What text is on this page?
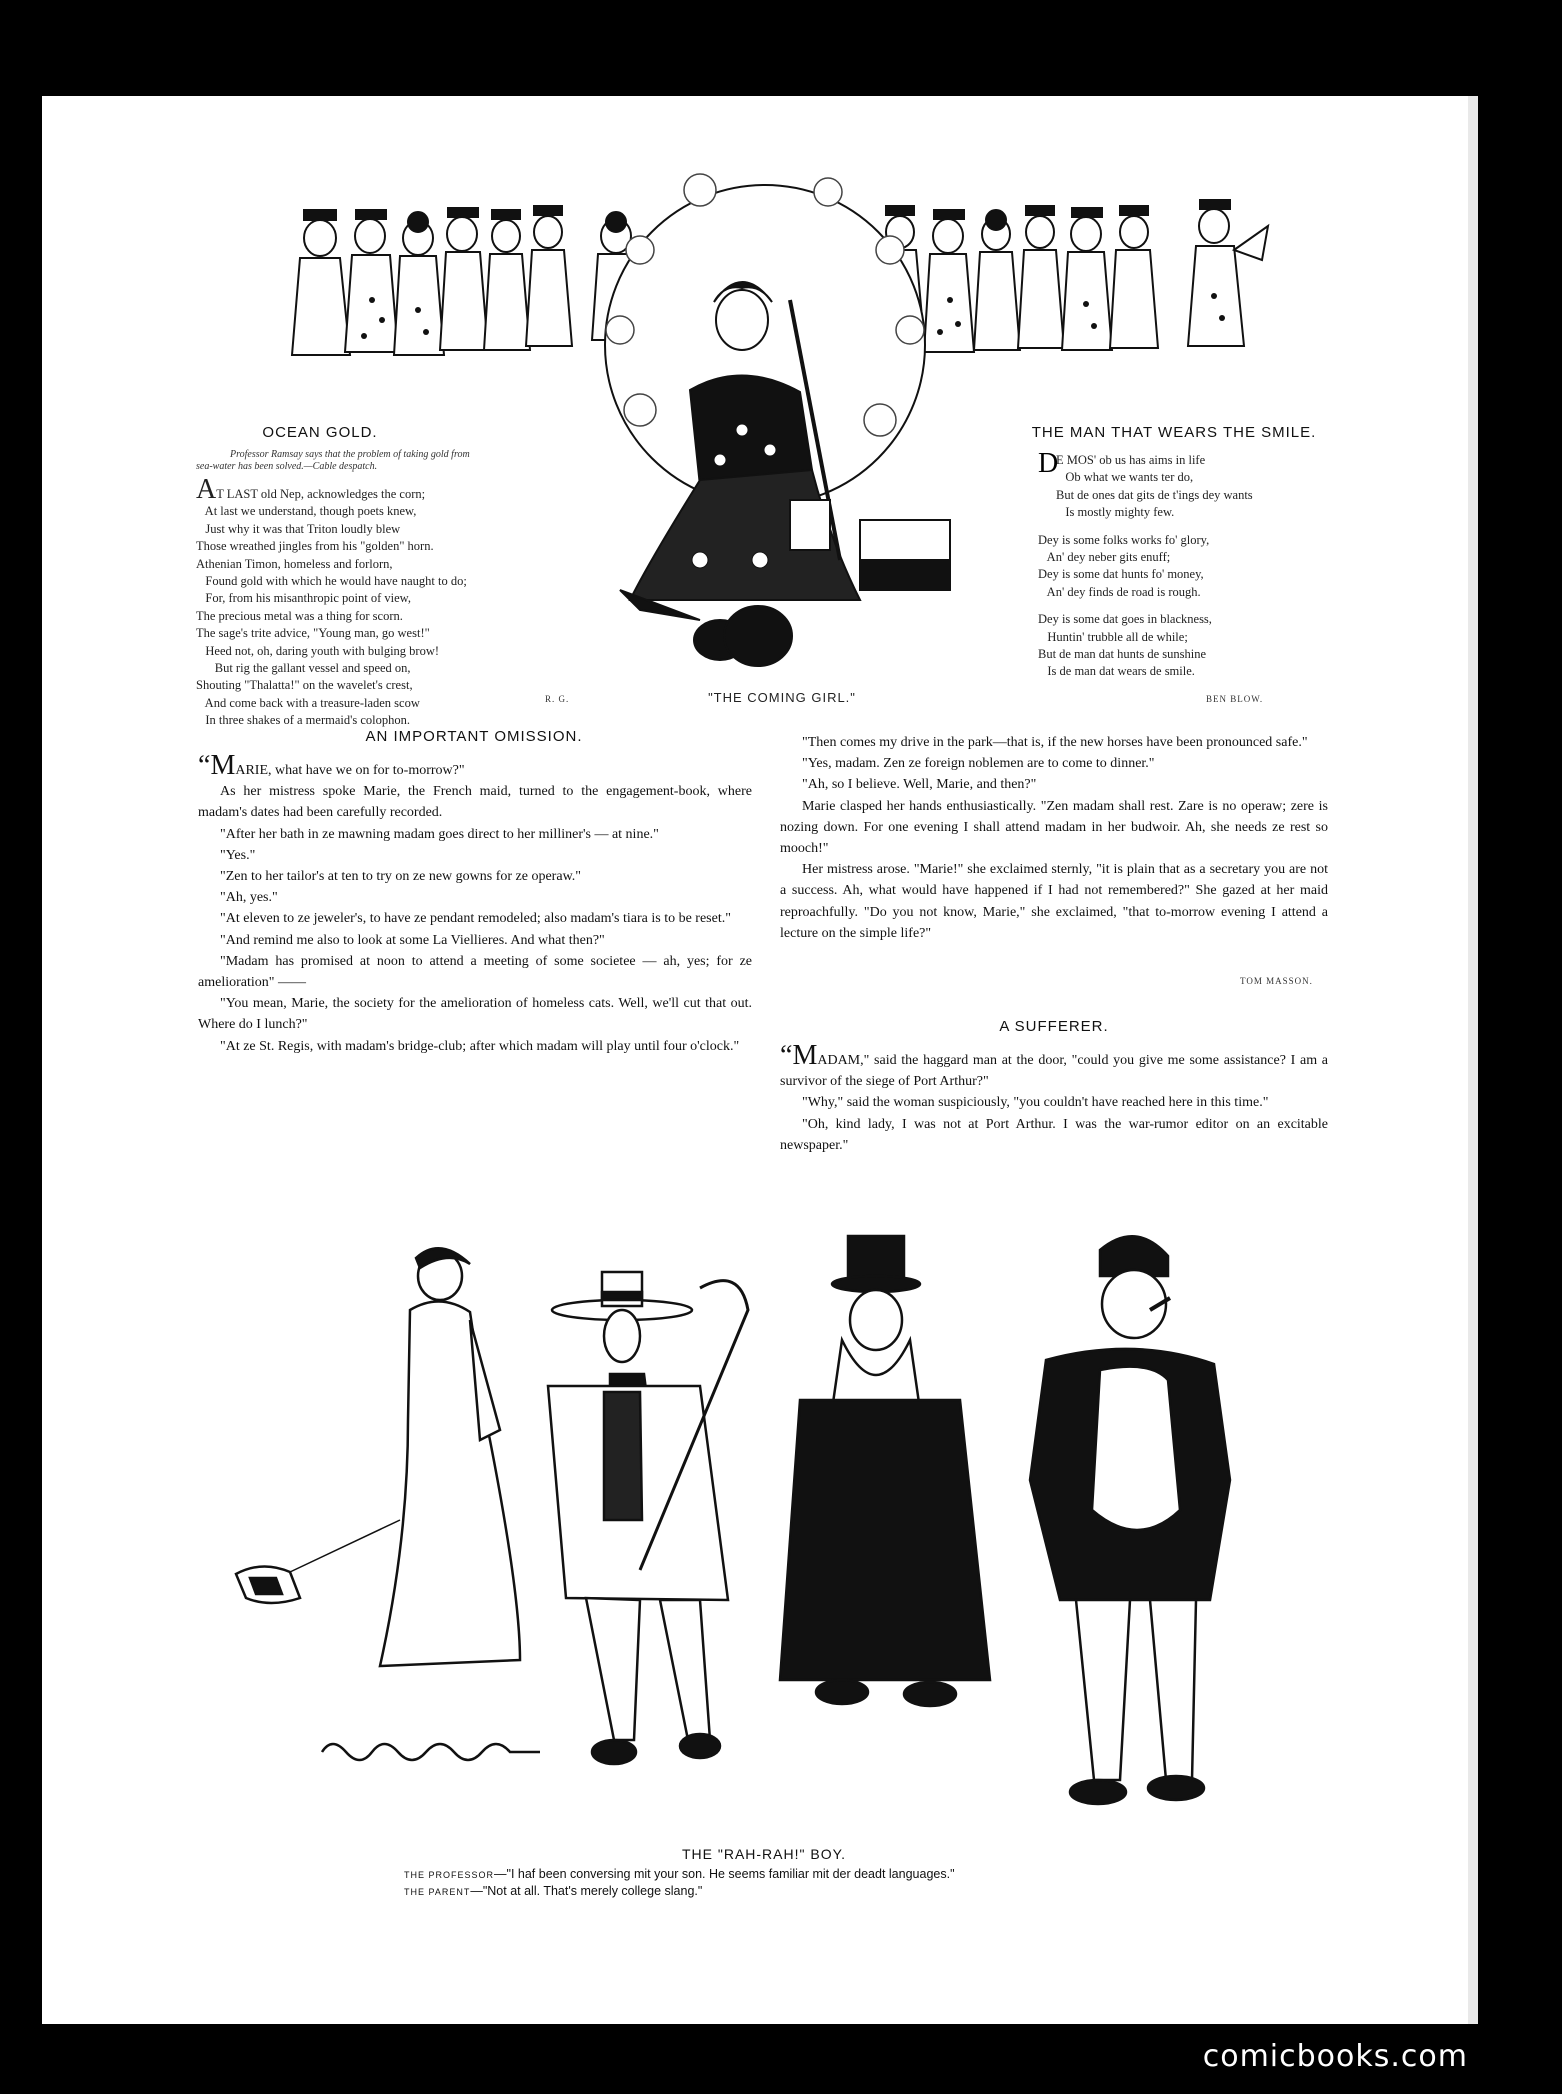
OCEAN GOLD.
Professor Ramsay says that the problem of taking gold from
sea-water has been solved.—Cable despatch.
AT LAST old Nep, acknowledges the corn;
At last we understand, though poets knew,
Just why it was that Triton loudly blew
Those wreathed jingles from his "golden" horn.
Athenian Timon, homeless and forlorn,
Found gold with which he would have naught to do;
For, from his misanthropic point of view,
The precious metal was a thing for scorn.
The sage's trite advice, "Young man, go west!"
Heed not, oh, daring youth with bulging brow!
But rig the gallant vessel and speed on,
Shouting "Thalatta!" on the wavelet's crest,
And come back with a treasure-laden scow
In three shakes of a mermaid's colophon.
R. G.	"THE COMING GIRL."
THE MAN THAT WEARS THE SMILE.
D
E MOS' ob us has aims in life
Ob what we wants ter do,
But de ones dat gits de t'ings dey wants
Is mostly mighty few.
Dey is some folks works fo' glory,
An' dey neber gits enuff;
Dey is some dat hunts fo' money,
An' dey finds de road is rough.
Dey is some dat goes in blackness,
Huntin' trubble all de while;
But de man dat hunts de sunshine
Is de man dat wears de smile.
BEN BLOW.
AN IMPORTANT OMISSION.

“MARIE, what have we on for to-morrow?"

As her mistress spoke Marie, the French maid, turned to the engagement-book, where madam's dates had been carefully recorded.

"After her bath in ze mawning madam goes direct to her milliner's — at nine."

"Yes."

"Zen to her tailor's at ten to try on ze new gowns for ze operaw."

"Ah, yes."

"At eleven to ze jeweler's, to have ze pendant remodeled; also madam's tiara is to be reset."

"And remind me also to look at some La Viellieres. And what then?"

"Madam has promised at noon to attend a meeting of some societee — ah, yes; for ze amelioration" ——

"You mean, Marie, the society for the amelioration of homeless cats. Well, we'll cut that out. Where do I lunch?"

"At ze St. Regis, with madam's bridge-club; after which madam will play until four o'clock."

"Then comes my drive in the park—that is, if the new horses have been pronounced safe."

"Yes, madam. Zen ze foreign noblemen are to come to dinner."

"Ah, so I believe. Well, Marie, and then?"

Marie clasped her hands enthusiastically. "Zen madam shall rest. Zare is no operaw; zere is nozing down. For one evening I shall attend madam in her budwoir. Ah, she needs ze rest so mooch!"

Her mistress arose. "Marie!" she exclaimed sternly, "it is plain that as a secretary you are not a success. Ah, what would have happened if I had not remembered?" She gazed at her maid reproachfully. "Do you not know, Marie," she exclaimed, "that to-morrow evening I attend a lecture on the simple life?"

TOM MASSON.
A SUFFERER.

“MADAM," said the haggard man at the door, "could you give me some assistance? I am a survivor of the siege of Port Arthur?"

"Why," said the woman suspiciously, "you couldn't have reached here in this time."

"Oh, kind lady, I was not at Port Arthur. I was the war-rumor editor on an excitable newspaper."

Anderson
THE "RAH-RAH!" BOY.
THE PROFESSOR—"I haf been conversing mit your son. He seems familiar mit der deadt languages."
THE PARENT—"Not at all. That's merely college slang."
comicbooks.com
